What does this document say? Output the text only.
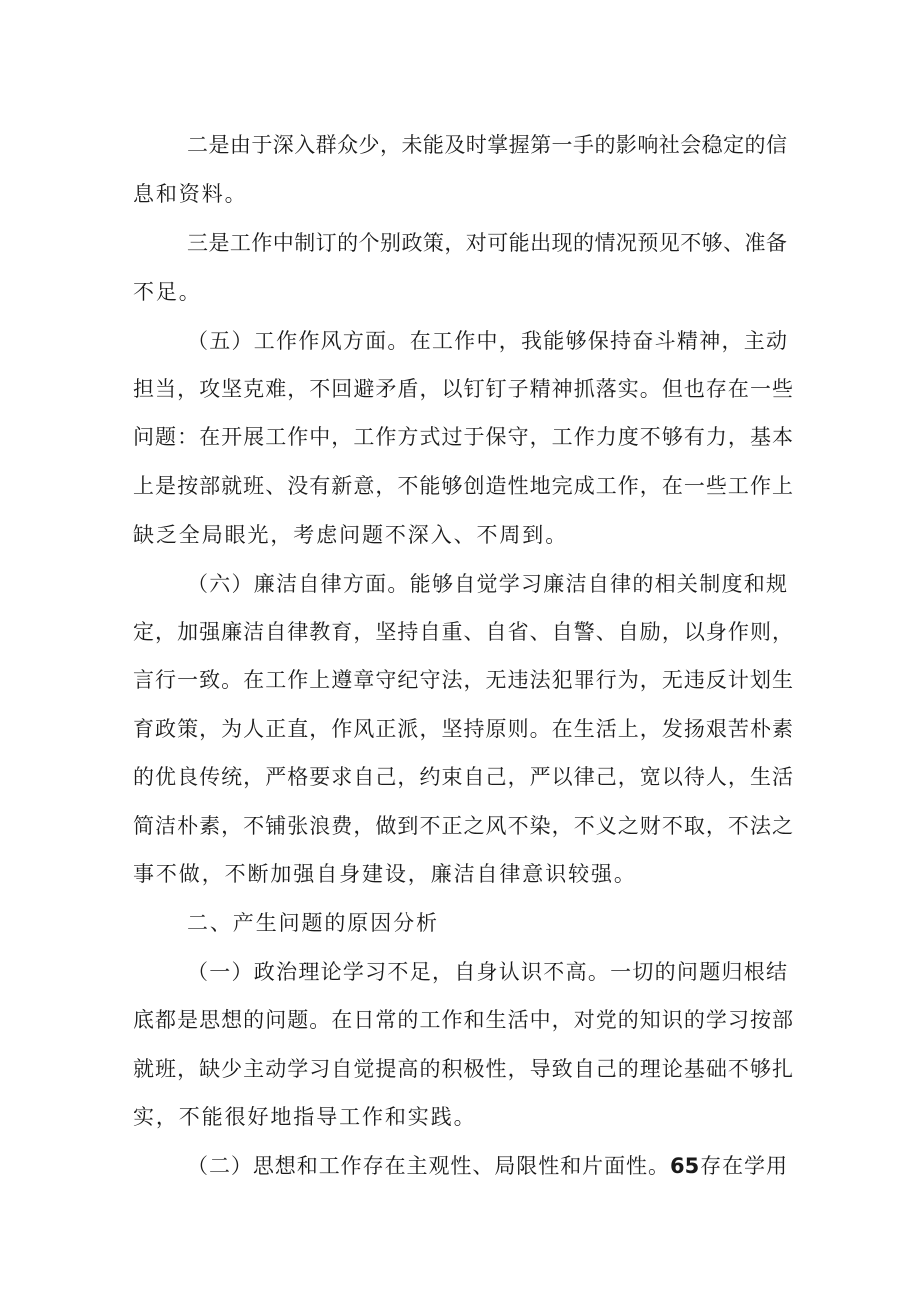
二是由于深入群众少，未能及时掌握第一手的影响社会稳定的信
息和资料。
三是工作中制订的个别政策，对可能出现的情况预见不够、准备
不足。
（五）工作作风方面。在工作中，我能够保持奋斗精神，主动
担当，攻坚克难，不回避矛盾，以钉钉子精神抓落实。但也存在一些
问题：在开展工作中，工作方式过于保守，工作力度不够有力，基本
上是按部就班、没有新意，不能够创造性地完成工作，在一些工作上
缺乏全局眼光，考虑问题不深入、不周到。
（六）廉洁自律方面。能够自觉学习廉洁自律的相关制度和规
定，加强廉洁自律教育，坚持自重、自省、自警、自励，以身作则，
言行一致。在工作上遵章守纪守法，无违法犯罪行为，无违反计划生
育政策，为人正直，作风正派，坚持原则。在生活上，发扬艰苦朴素
的优良传统，严格要求自己，约束自己，严以律己，宽以待人，生活
简洁朴素，不铺张浪费，做到不正之风不染，不义之财不取，不法之
事不做，不断加强自身建设，廉洁自律意识较强。
二、产生问题的原因分析
（一）政治理论学习不足，自身认识不高。一切的问题归根结
底都是思想的问题。在日常的工作和生活中，对党的知识的学习按部
就班，缺少主动学习自觉提高的积极性，导致自己的理论基础不够扎
实，不能很好地指导工作和实践。
（二）思想和工作存在主观性、局限性和片面性。65存在学用
